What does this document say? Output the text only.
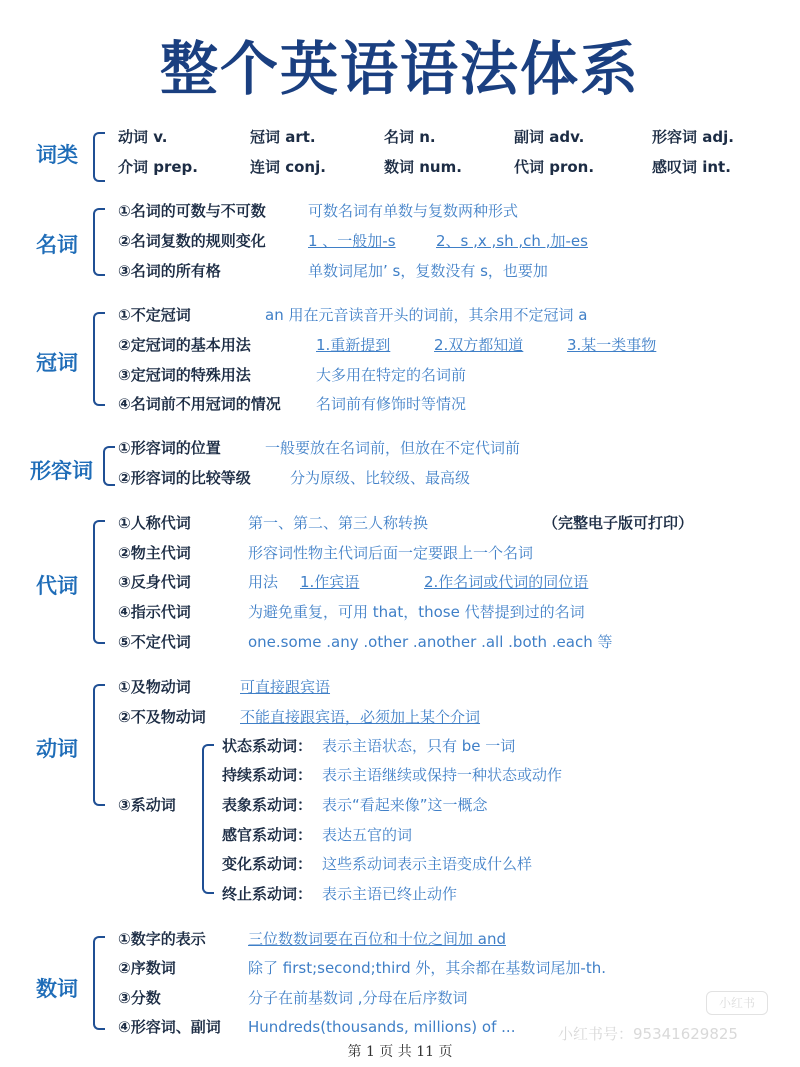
整个英语语法体系
词类
动词 v.	冠词 art.	名词 n.	副词 adv.	形容词 adj.
介词 prep.	连词 conj.	数词 num.	代词 pron.	感叹词 int.
名词
①名词的可数与不可数	可数名词有单数与复数两种形式
②名词复数的规则变化	1 、一般加-s	2、s ,x ,sh ,ch ,加-es
③名词的所有格	单数词尾加’ s，复数没有 s，也要加
冠词
①不定冠词	an 用在元音读音开头的词前，其余用不定冠词 a
②定冠词的基本用法	1.重新提到	2.双方都知道	3.某一类事物
③定冠词的特殊用法	大多用在特定的名词前
④名词前不用冠词的情况 名词前有修饰时等情况
形容词
①形容词的位置	一般要放在名词前，但放在不定代词前
②形容词的比较等级	分为原级、比较级、最高级
代词
①人称代词	第一、第二、第三人称转换	（完整电子版可打印）
②物主代词	形容词性物主代词后面一定要跟上一个名词
③反身代词	用法 1.作宾语	2.作名词或代词的同位语
④指示代词	为避免重复，可用 that，those 代替提到过的名词
⑤不定代词	one.some .any .other .another .all .both .each 等
动词
①及物动词	可直接跟宾语
②不及物动词 不能直接跟宾语，必须加上某个介词
③系动词
状态系动词： 表示主语状态，只有 be 一词
持续系动词： 表示主语继续或保持一种状态或动作
表象系动词： 表示“看起来像”这一概念
感官系动词： 表达五官的词
变化系动词： 这些系动词表示主语变成什么样
终止系动词： 表示主语已终止动作
数词
①数字的表示	三位数数词要在百位和十位之间加 and
②序数词	除了 first;second;third 外，其余都在基数词尾加-th.
③分数	分子在前基数词 ,分母在后序数词
④形容词、副词 Hundreds(thousands, millions) of ...
小红书
小红书号：95341629825
第 1 页 共 11 页
